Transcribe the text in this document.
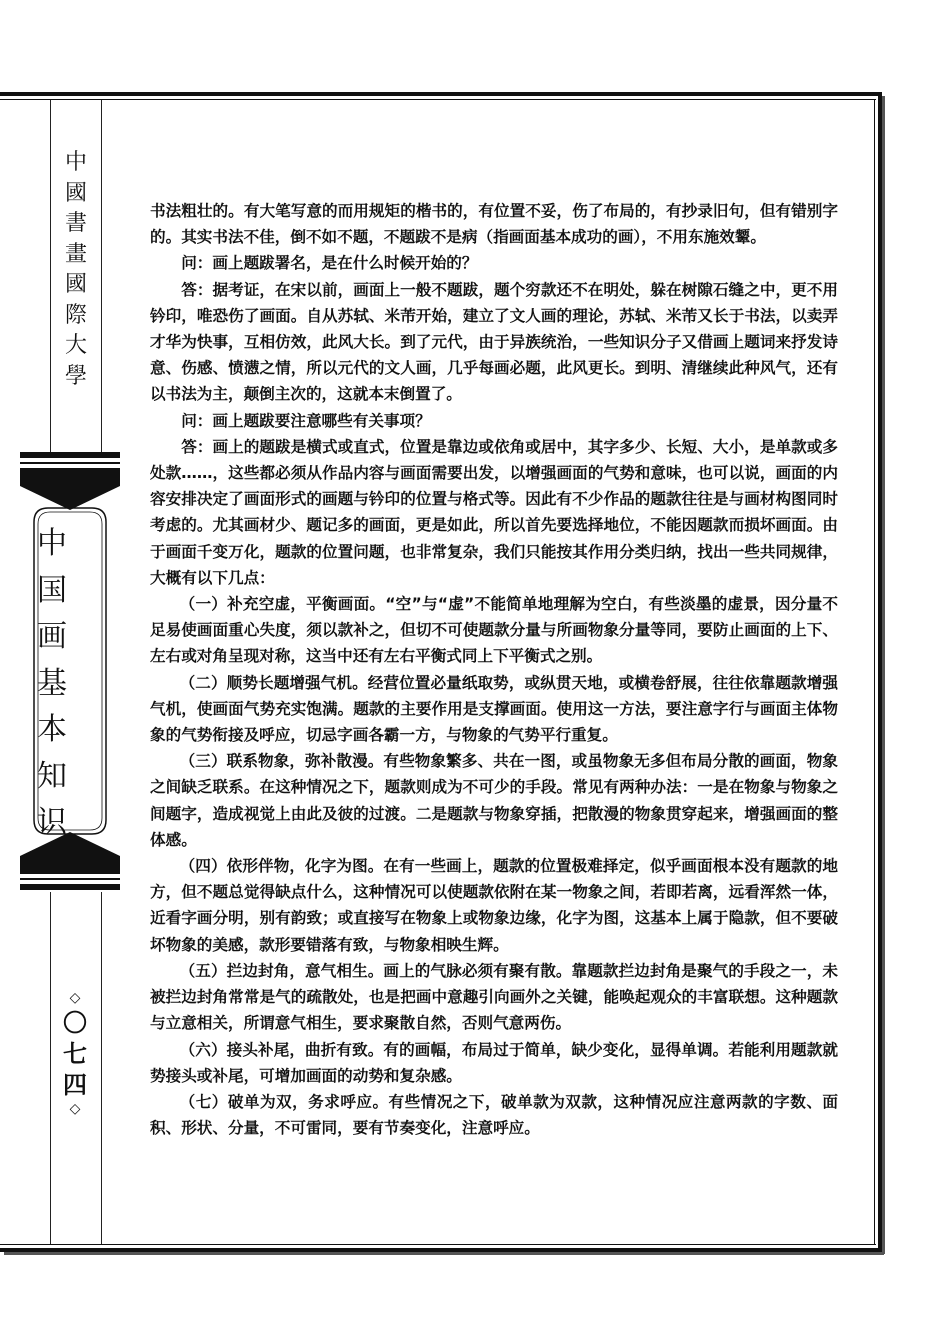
中
國
書
畫
國
際
大
學
中
国
画
基
本
知
识
◇
〇
七
四
◇

书法粗壮的。有大笔写意的而用规矩的楷书的，有位置不妥，伤了布局的，有抄录旧句，但有错别字的。其实书法不佳，倒不如不题，不题跋不是病（指画面基本成功的画），不用东施效颦。

问：画上题跋署名，是在什么时候开始的？

答：据考证，在宋以前，画面上一般不题跋，题个穷款还不在明处，躲在树隙石缝之中，更不用钤印，唯恐伤了画面。自从苏轼、米芾开始，建立了文人画的理论，苏轼、米芾又长于书法，以卖弄才华为快事，互相仿效，此风大长。到了元代，由于异族统治，一些知识分子又借画上题词来抒发诗意、伤感、愤懑之情，所以元代的文人画，几乎每画必题，此风更长。到明、清继续此种风气，还有以书法为主，颠倒主次的，这就本末倒置了。

问：画上题跋要注意哪些有关事项？

答：画上的题跋是横式或直式，位置是靠边或依角或居中，其字多少、长短、大小，是单款或多处款……，这些都必须从作品内容与画面需要出发，以增强画面的气势和意味，也可以说，画面的内容安排决定了画面形式的画题与钤印的位置与格式等。因此有不少作品的题款往往是与画材构图同时考虑的。尤其画材少、题记多的画面，更是如此，所以首先要选择地位，不能因题款而损坏画面。由于画面千变万化，题款的位置问题，也非常复杂，我们只能按其作用分类归纳，找出一些共同规律，大概有以下几点：

（一）补充空虚，平衡画面。“空”与“虚”不能简单地理解为空白，有些淡墨的虚景，因分量不足易使画面重心失度，须以款补之，但切不可使题款分量与所画物象分量等同，要防止画面的上下、左右或对角呈现对称，这当中还有左右平衡式同上下平衡式之别。

（二）顺势长题增强气机。经营位置必量纸取势，或纵贯天地，或横卷舒展，往往依靠题款增强气机，使画面气势充实饱满。题款的主要作用是支撑画面。使用这一方法，要注意字行与画面主体物象的气势衔接及呼应，切忌字画各霸一方，与物象的气势平行重复。

（三）联系物象，弥补散漫。有些物象繁多、共在一图，或虽物象无多但布局分散的画面，物象之间缺乏联系。在这种情况之下，题款则成为不可少的手段。常见有两种办法：一是在物象与物象之间题字，造成视觉上由此及彼的过渡。二是题款与物象穿插，把散漫的物象贯穿起来，增强画面的整体感。

（四）依形伴物，化字为图。在有一些画上，题款的位置极难择定，似乎画面根本没有题款的地方，但不题总觉得缺点什么，这种情况可以使题款依附在某一物象之间，若即若离，远看浑然一体，近看字画分明，别有韵致；或直接写在物象上或物象边缘，化字为图，这基本上属于隐款，但不要破坏物象的美感，款形要错落有致，与物象相映生辉。

（五）拦边封角，意气相生。画上的气脉必须有聚有散。靠题款拦边封角是聚气的手段之一，未被拦边封角常常是气的疏散处，也是把画中意趣引向画外之关键，能唤起观众的丰富联想。这种题款与立意相关，所谓意气相生，要求聚散自然，否则气意两伤。

（六）接头补尾，曲折有致。有的画幅，布局过于简单，缺少变化，显得单调。若能利用题款就势接头或补尾，可增加画面的动势和复杂感。

（七）破单为双，务求呼应。有些情况之下，破单款为双款，这种情况应注意两款的字数、面积、形状、分量，不可雷同，要有节奏变化，注意呼应。
